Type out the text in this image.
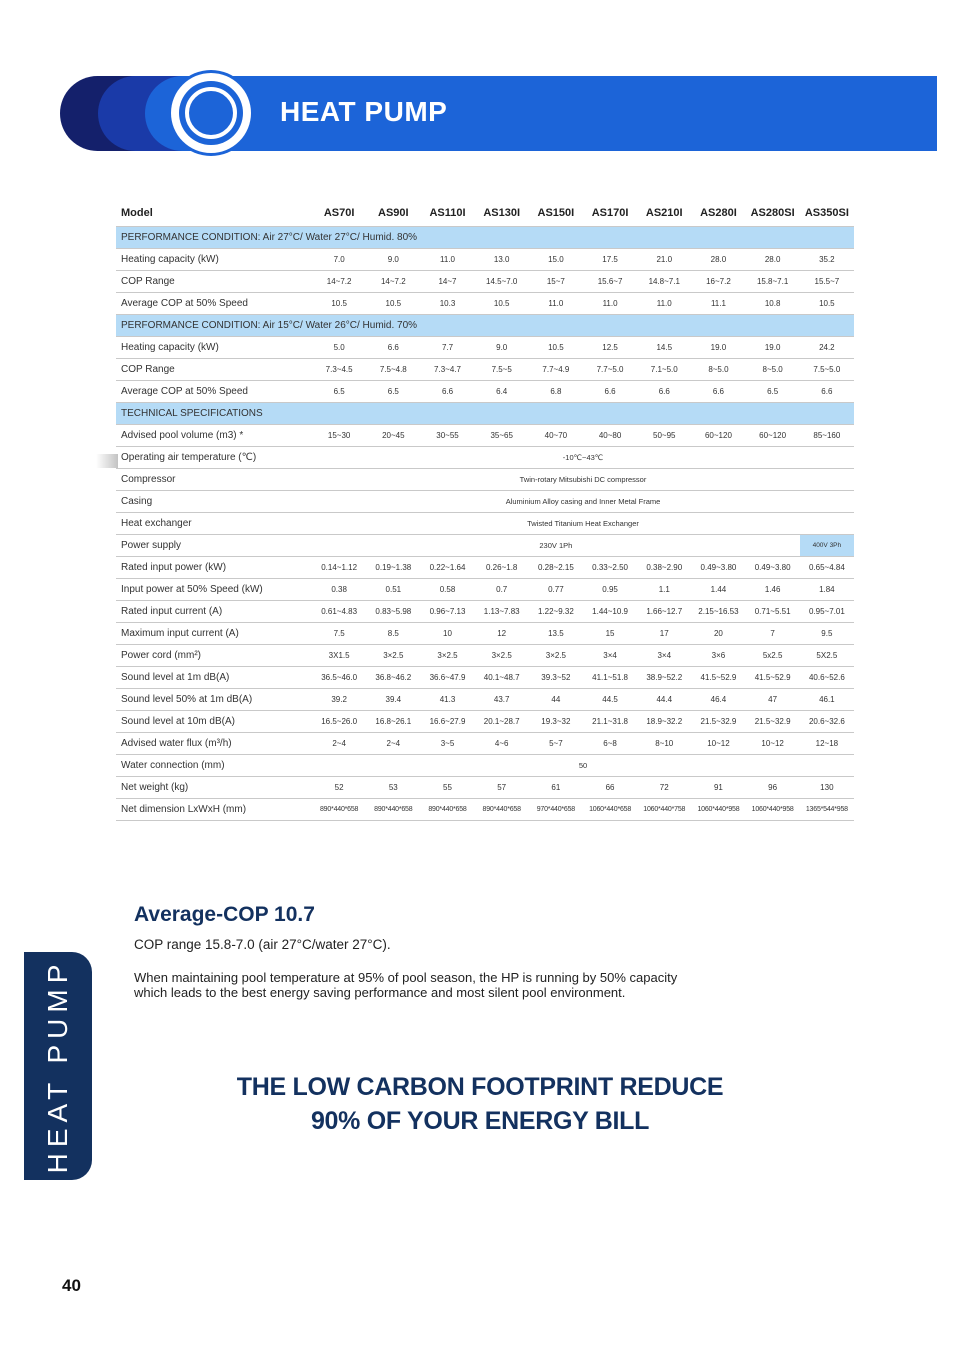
HEAT PUMP
Model	AS70I	AS90I	AS110I	AS130I	AS150I	AS170I	AS210I	AS280I	AS280SI	AS350SI
PERFORMANCE CONDITION: Air 27°C/ Water 27°C/ Humid. 80%										
Heating capacity (kW)	7.0	9.0	11.0	13.0	15.0	17.5	21.0	28.0	28.0	35.2
COP Range	14~7.2	14~7.2	14~7	14.5~7.0	15~7	15.6~7	14.8~7.1	16~7.2	15.8~7.1	15.5~7
Average COP at 50% Speed	10.5	10.5	10.3	10.5	11.0	11.0	11.0	11.1	10.8	10.5
PERFORMANCE CONDITION: Air 15°C/ Water 26°C/ Humid. 70%										
Heating capacity (kW)	5.0	6.6	7.7	9.0	10.5	12.5	14.5	19.0	19.0	24.2
COP Range	7.3~4.5	7.5~4.8	7.3~4.7	7.5~5	7.7~4.9	7.7~5.0	7.1~5.0	8~5.0	8~5.0	7.5~5.0
Average COP at 50% Speed	6.5	6.5	6.6	6.4	6.8	6.6	6.6	6.6	6.5	6.6
TECHNICAL SPECIFICATIONS										
Advised pool volume (m3) *	15~30	20~45	30~55	35~65	40~70	40~80	50~95	60~120	60~120	85~160
Operating air temperature (℃)	-10℃~43℃									
Compressor	Twin-rotary Mitsubishi DC compressor									
Casing	Aluminium Alloy casing and Inner Metal Frame									
Heat exchanger	Twisted Titanium Heat Exchanger									
Power supply	230V 1Ph									400V 3Ph
Rated input power (kW)	0.14~1.12	0.19~1.38	0.22~1.64	0.26~1.8	0.28~2.15	0.33~2.50	0.38~2.90	0.49~3.80	0.49~3.80	0.65~4.84
Input power at 50% Speed (kW)	0.38	0.51	0.58	0.7	0.77	0.95	1.1	1.44	1.46	1.84
Rated input current (A)	0.61~4.83	0.83~5.98	0.96~7.13	1.13~7.83	1.22~9.32	1.44~10.9	1.66~12.7	2.15~16.53	0.71~5.51	0.95~7.01
Maximum input current (A)	7.5	8.5	10	12	13.5	15	17	20	7	9.5
Power cord (mm²)	3X1.5	3×2.5	3×2.5	3×2.5	3×2.5	3×4	3×4	3×6	5x2.5	5X2.5
Sound level at 1m dB(A)	36.5~46.0	36.8~46.2	36.6~47.9	40.1~48.7	39.3~52	41.1~51.8	38.9~52.2	41.5~52.9	41.5~52.9	40.6~52.6
Sound level 50% at 1m dB(A)	39.2	39.4	41.3	43.7	44	44.5	44.4	46.4	47	46.1
Sound level at 10m dB(A)	16.5~26.0	16.8~26.1	16.6~27.9	20.1~28.7	19.3~32	21.1~31.8	18.9~32.2	21.5~32.9	21.5~32.9	20.6~32.6
Advised water flux (m³/h)	2~4	2~4	3~5	4~6	5~7	6~8	8~10	10~12	10~12	12~18
Water connection (mm)	50									
Net weight (kg)	52	53	55	57	61	66	72	91	96	130
Net dimension LxWxH (mm)	890*440*658	890*440*658	890*440*658	890*440*658	970*440*658	1060*440*658	1060*440*758	1060*440*958	1060*440*958	1365*544*958
HEAT PUMP
Average-COP 10.7
COP range 15.8-7.0 (air 27°C/water 27°C).
When maintaining pool temperature at 95% of pool season, the HP is running by 50% capacity
which leads to the best energy saving performance and most silent pool environment.
THE LOW CARBON FOOTPRINT REDUCE
90% OF YOUR ENERGY BILL
40
